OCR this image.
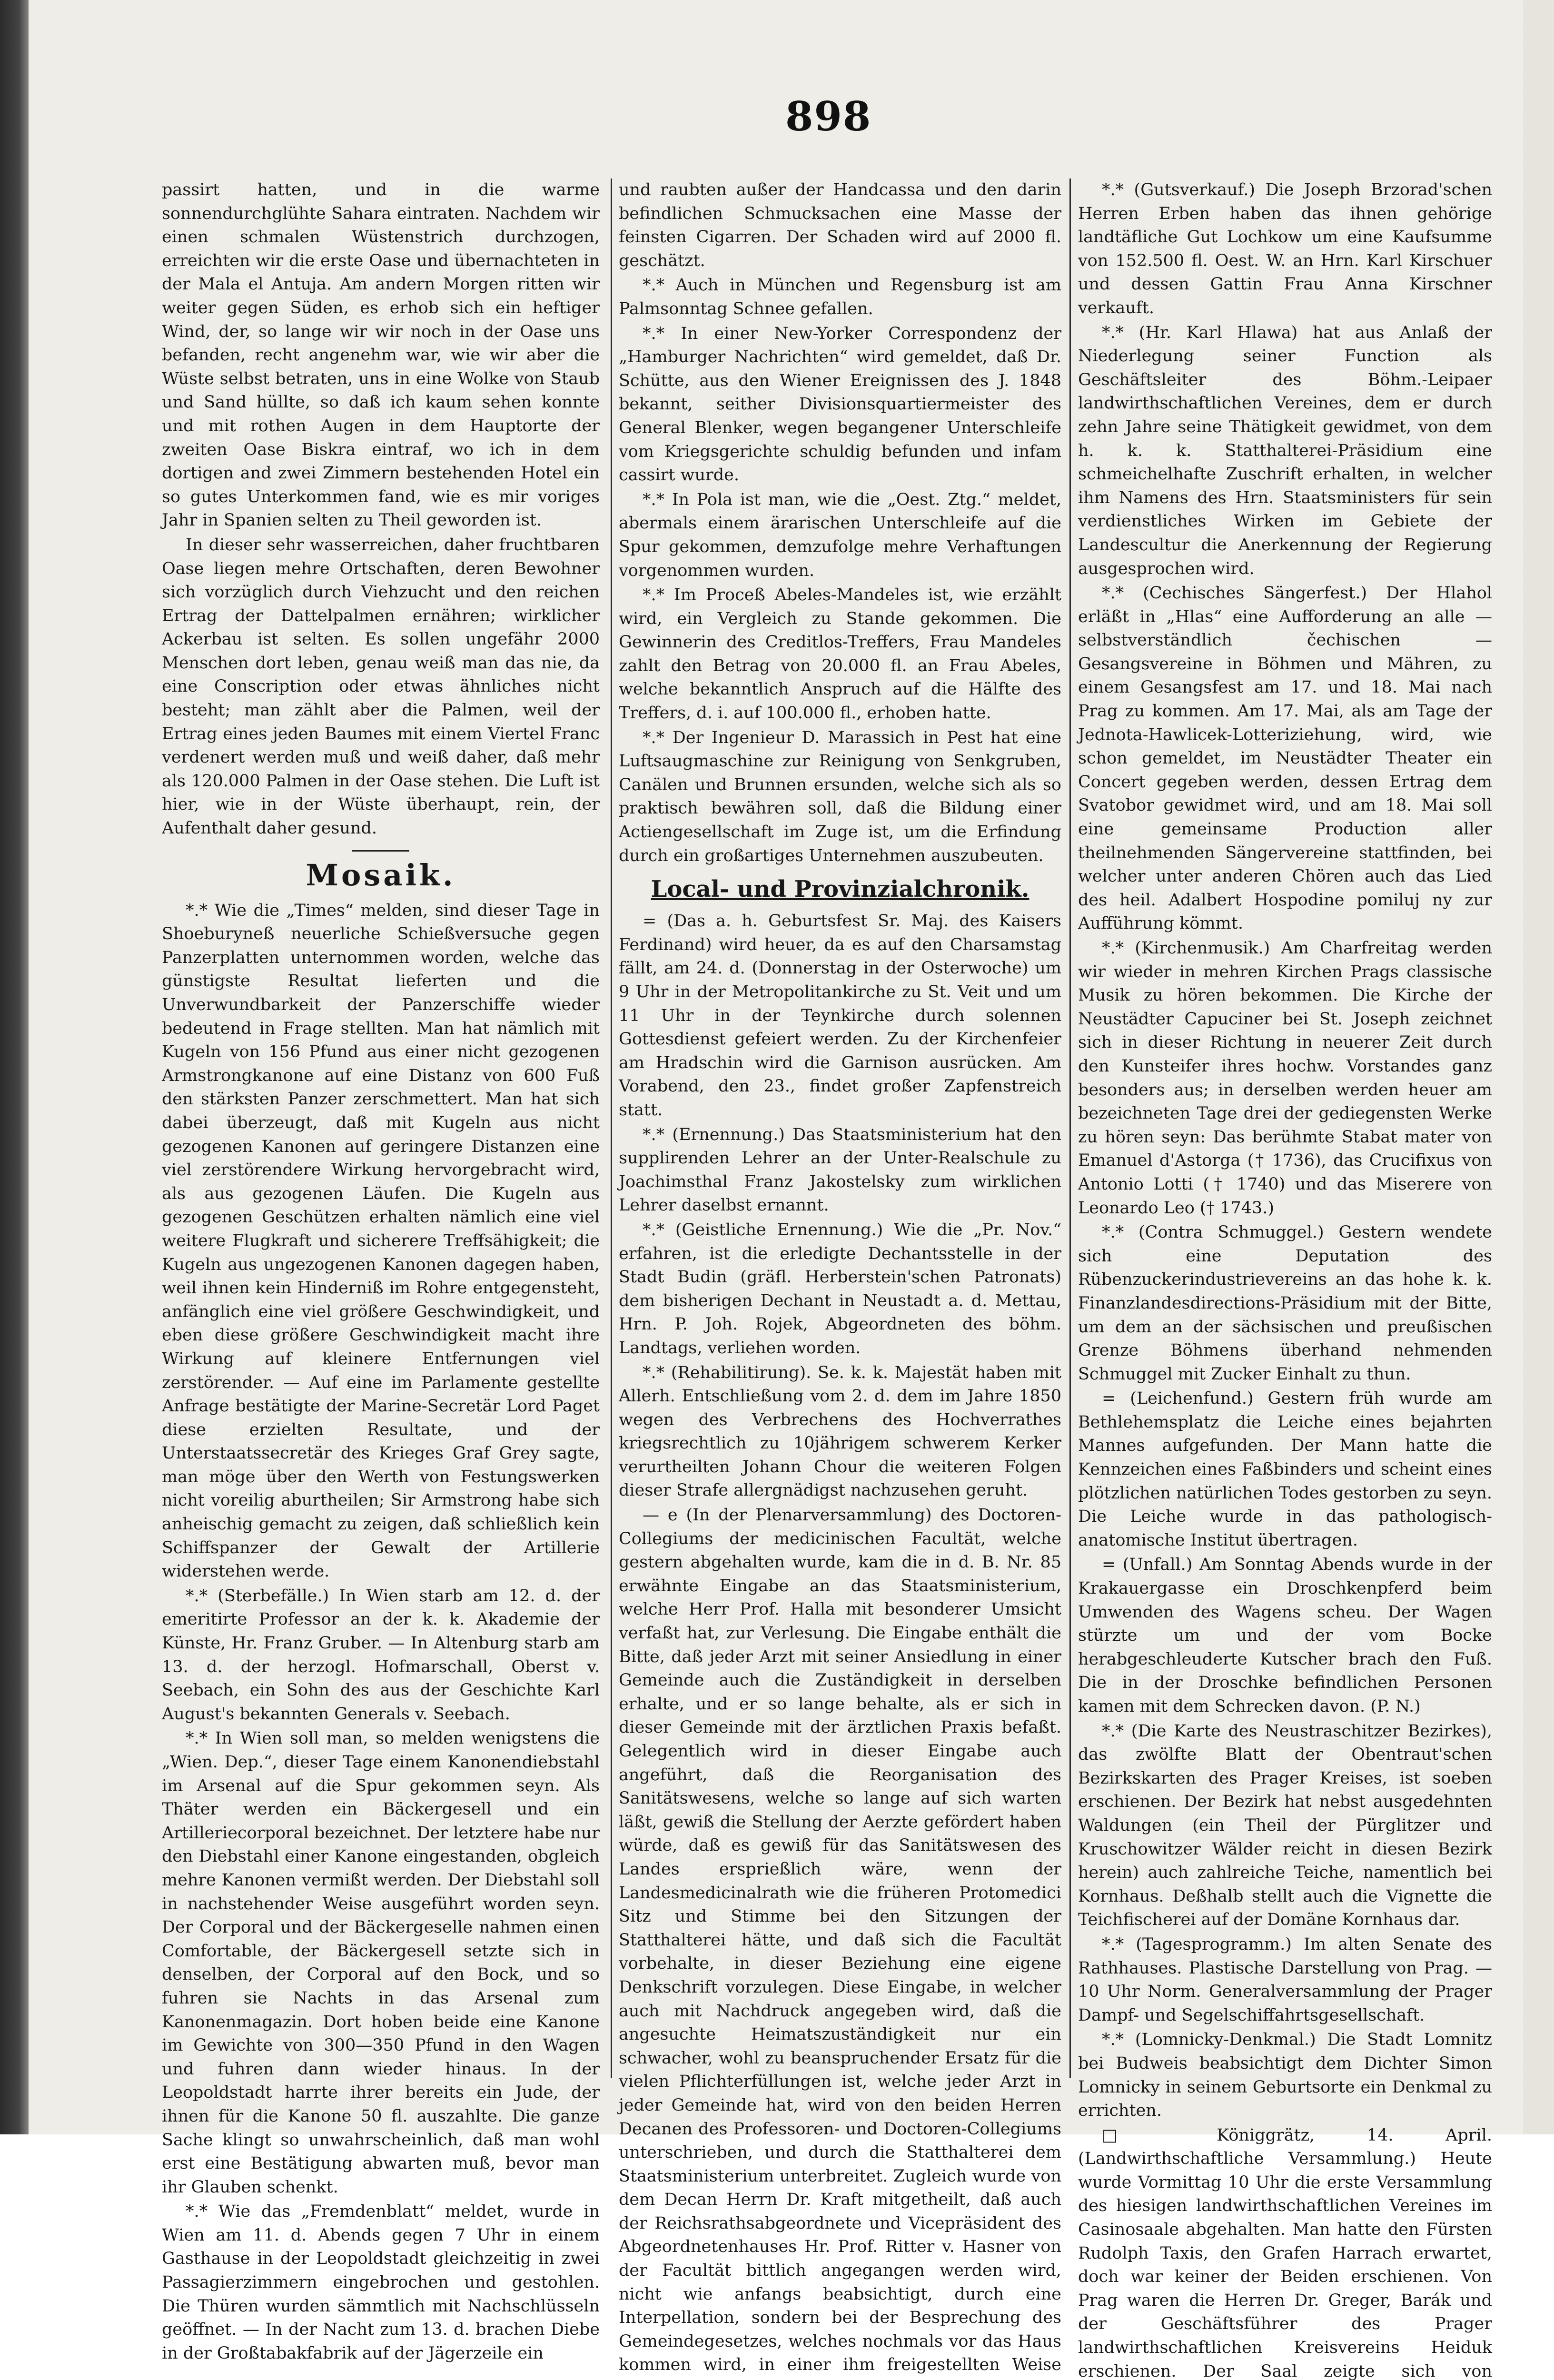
898

passirt hatten, und in die warme sonnendurchglühte Sahara eintraten. Nachdem wir einen schmalen Wüstenstrich durchzogen, erreichten wir die erste Oase und übernachteten in der Mala el Antuja. Am andern Morgen ritten wir weiter gegen Süden, es erhob sich ein heftiger Wind, der, so lange wir wir noch in der Oase uns befanden, recht angenehm war, wie wir aber die Wüste selbst betraten, uns in eine Wolke von Staub und Sand hüllte, so daß ich kaum sehen konnte und mit rothen Augen in dem Hauptorte der zweiten Oase Biskra eintraf, wo ich in dem dortigen and zwei Zimmern bestehenden Hotel ein so gutes Unterkommen fand, wie es mir voriges Jahr in Spanien selten zu Theil geworden ist.

In dieser sehr wasserreichen, daher fruchtbaren Oase liegen mehre Ortschaften, deren Bewohner sich vorzüglich durch Viehzucht und den reichen Ertrag der Dattelpalmen ernähren; wirklicher Ackerbau ist selten. Es sollen ungefähr 2000 Menschen dort leben, genau weiß man das nie, da eine Conscription oder etwas ähnliches nicht besteht; man zählt aber die Palmen, weil der Ertrag eines jeden Baumes mit einem Viertel Franc verdenert werden muß und weiß daher, daß mehr als 120.000 Palmen in der Oase stehen. Die Luft ist hier, wie in der Wüste überhaupt, rein, der Aufenthalt daher gesund.

Mosaik.

*.* Wie die „Times“ melden, sind dieser Tage in Shoeburyneß neuerliche Schießversuche gegen Panzerplatten unternommen worden, welche das günstigste Resultat lieferten und die Unverwundbarkeit der Panzerschiffe wieder bedeutend in Frage stellten. Man hat nämlich mit Kugeln von 156 Pfund aus einer nicht gezogenen Armstrongkanone auf eine Distanz von 600 Fuß den stärksten Panzer zerschmettert. Man hat sich dabei überzeugt, daß mit Kugeln aus nicht gezogenen Kanonen auf geringere Distanzen eine viel zerstörendere Wirkung hervorgebracht wird, als aus gezogenen Läufen. Die Kugeln aus gezogenen Geschützen erhalten nämlich eine viel weitere Flugkraft und sicherere Treffsähigkeit; die Kugeln aus ungezogenen Kanonen dagegen haben, weil ihnen kein Hinderniß im Rohre entgegensteht, anfänglich eine viel größere Geschwindigkeit, und eben diese größere Geschwindigkeit macht ihre Wirkung auf kleinere Entfernungen viel zerstörender. — Auf eine im Parlamente gestellte Anfrage bestätigte der Marine-Secretär Lord Paget diese erzielten Resultate, und der Unterstaatssecretär des Krieges Graf Grey sagte, man möge über den Werth von Festungswerken nicht voreilig aburtheilen; Sir Armstrong habe sich anheischig gemacht zu zeigen, daß schließlich kein Schiffspanzer der Gewalt der Artillerie widerstehen werde.

*.* (Sterbefälle.) In Wien starb am 12. d. der emeritirte Professor an der k. k. Akademie der Künste, Hr. Franz Gruber. — In Altenburg starb am 13. d. der herzogl. Hofmarschall, Oberst v. Seebach, ein Sohn des aus der Geschichte Karl August's bekannten Generals v. Seebach.

*.* In Wien soll man, so melden wenigstens die „Wien. Dep.“, dieser Tage einem Kanonendiebstahl im Arsenal auf die Spur gekommen seyn. Als Thäter werden ein Bäckergesell und ein Artilleriecorporal bezeichnet. Der letztere habe nur den Diebstahl einer Kanone eingestanden, obgleich mehre Kanonen vermißt werden. Der Diebstahl soll in nachstehender Weise ausgeführt worden seyn. Der Corporal und der Bäckergeselle nahmen einen Comfortable, der Bäckergesell setzte sich in denselben, der Corporal auf den Bock, und so fuhren sie Nachts in das Arsenal zum Kanonenmagazin. Dort hoben beide eine Kanone im Gewichte von 300—350 Pfund in den Wagen und fuhren dann wieder hinaus. In der Leopoldstadt harrte ihrer bereits ein Jude, der ihnen für die Kanone 50 fl. auszahlte. Die ganze Sache klingt so unwahrscheinlich, daß man wohl erst eine Bestätigung abwarten muß, bevor man ihr Glauben schenkt.

*.* Wie das „Fremdenblatt“ meldet, wurde in Wien am 11. d. Abends gegen 7 Uhr in einem Gasthause in der Leopoldstadt gleichzeitig in zwei Passagierzimmern eingebrochen und gestohlen. Die Thüren wurden sämmtlich mit Nachschlüsseln geöffnet. — In der Nacht zum 13. d. brachen Diebe in der Großtabakfabrik auf der Jägerzeile ein

und raubten außer der Handcassa und den darin befindlichen Schmucksachen eine Masse der feinsten Cigarren. Der Schaden wird auf 2000 fl. geschätzt.

*.* Auch in München und Regensburg ist am Palmsonntag Schnee gefallen.

*.* In einer New-Yorker Correspondenz der „Hamburger Nachrichten“ wird gemeldet, daß Dr. Schütte, aus den Wiener Ereignissen des J. 1848 bekannt, seither Divisionsquartiermeister des General Blenker, wegen begangener Unterschleife vom Kriegsgerichte schuldig befunden und infam cassirt wurde.

*.* In Pola ist man, wie die „Oest. Ztg.“ meldet, abermals einem ärarischen Unterschleife auf die Spur gekommen, demzufolge mehre Verhaftungen vorgenommen wurden.

*.* Im Proceß Abeles-Mandeles ist, wie erzählt wird, ein Vergleich zu Stande gekommen. Die Gewinnerin des Creditlos-Treffers, Frau Mandeles zahlt den Betrag von 20.000 fl. an Frau Abeles, welche bekanntlich Anspruch auf die Hälfte des Treffers, d. i. auf 100.000 fl., erhoben hatte.

*.* Der Ingenieur D. Marassich in Pest hat eine Luftsaugmaschine zur Reinigung von Senkgruben, Canälen und Brunnen ersunden, welche sich als so praktisch bewähren soll, daß die Bildung einer Actiengesellschaft im Zuge ist, um die Erfindung durch ein großartiges Unternehmen auszubeuten.

Local- und Provinzialchronik.

= (Das a. h. Geburtsfest Sr. Maj. des Kaisers Ferdinand) wird heuer, da es auf den Charsamstag fällt, am 24. d. (Donnerstag in der Osterwoche) um 9 Uhr in der Metropolitankirche zu St. Veit und um 11 Uhr in der Teynkirche durch solennen Gottesdienst gefeiert werden. Zu der Kirchenfeier am Hradschin wird die Garnison ausrücken. Am Vorabend, den 23., findet großer Zapfenstreich statt.

*.* (Ernennung.) Das Staatsministerium hat den supplirenden Lehrer an der Unter-Realschule zu Joachimsthal Franz Jakostelsky zum wirklichen Lehrer daselbst ernannt.

*.* (Geistliche Ernennung.) Wie die „Pr. Nov.“ erfahren, ist die erledigte Dechantsstelle in der Stadt Budin (gräfl. Herberstein'schen Patronats) dem bisherigen Dechant in Neustadt a. d. Mettau, Hrn. P. Joh. Rojek, Abgeordneten des böhm. Landtags, verliehen worden.

*.* (Rehabilitirung). Se. k. k. Majestät haben mit Allerh. Entschließung vom 2. d. dem im Jahre 1850 wegen des Verbrechens des Hochverrathes kriegsrechtlich zu 10jährigem schwerem Kerker verurtheilten Johann Chour die weiteren Folgen dieser Strafe allergnädigst nachzusehen geruht.

— e (In der Plenarversammlung) des Doctoren-Collegiums der medicinischen Facultät, welche gestern abgehalten wurde, kam die in d. B. Nr. 85 erwähnte Eingabe an das Staatsministerium, welche Herr Prof. Halla mit besonderer Umsicht verfaßt hat, zur Verlesung. Die Eingabe enthält die Bitte, daß jeder Arzt mit seiner Ansiedlung in einer Gemeinde auch die Zuständigkeit in derselben erhalte, und er so lange behalte, als er sich in dieser Gemeinde mit der ärztlichen Praxis befaßt. Gelegentlich wird in dieser Eingabe auch angeführt, daß die Reorganisation des Sanitätswesens, welche so lange auf sich warten läßt, gewiß die Stellung der Aerzte gefördert haben würde, daß es gewiß für das Sanitätswesen des Landes ersprießlich wäre, wenn der Landesmedicinalrath wie die früheren Protomedici Sitz und Stimme bei den Sitzungen der Statthalterei hätte, und daß sich die Facultät vorbehalte, in dieser Beziehung eine eigene Denkschrift vorzulegen. Diese Eingabe, in welcher auch mit Nachdruck angegeben wird, daß die angesuchte Heimatszuständigkeit nur ein schwacher, wohl zu beanspruchender Ersatz für die vielen Pflichterfüllungen ist, welche jeder Arzt in jeder Gemeinde hat, wird von den beiden Herren Decanen des Professoren- und Doctoren-Collegiums unterschrieben, und durch die Statthalterei dem Staatsministerium unterbreitet. Zugleich wurde von dem Decan Herrn Dr. Kraft mitgetheilt, daß auch der Reichsrathsabgeordnete und Vicepräsident des Abgeordnetenhauses Hr. Prof. Ritter v. Hasner von der Facultät bittlich angegangen werden wird, nicht wie anfangs beabsichtigt, durch eine Interpellation, sondern bei der Besprechung des Gemeindegesetzes, welches nochmals vor das Haus kommen wird, in einer ihm freigestellten Weise

*.* (Gutsverkauf.) Die Joseph Brzorad'schen Herren Erben haben das ihnen gehörige landtäfliche Gut Lochkow um eine Kaufsumme von 152.500 fl. Oest. W. an Hrn. Karl Kirschuer und dessen Gattin Frau Anna Kirschner verkauft.

*.* (Hr. Karl Hlawa) hat aus Anlaß der Niederlegung seiner Function als Geschäftsleiter des Böhm.-Leipaer landwirthschaftlichen Vereines, dem er durch zehn Jahre seine Thätigkeit gewidmet, von dem h. k. k. Statthalterei-Präsidium eine schmeichelhafte Zuschrift erhalten, in welcher ihm Namens des Hrn. Staatsministers für sein verdienstliches Wirken im Gebiete der Landescultur die Anerkennung der Regierung ausgesprochen wird.

*.* (Cechisches Sängerfest.) Der Hlahol erläßt in „Hlas“ eine Aufforderung an alle — selbstverständlich čechischen — Gesangsvereine in Böhmen und Mähren, zu einem Gesangsfest am 17. und 18. Mai nach Prag zu kommen. Am 17. Mai, als am Tage der Jednota-Hawlicek-Lotteriziehung, wird, wie schon gemeldet, im Neustädter Theater ein Concert gegeben werden, dessen Ertrag dem Svatobor gewidmet wird, und am 18. Mai soll eine gemeinsame Production aller theilnehmenden Sängervereine stattfinden, bei welcher unter anderen Chören auch das Lied des heil. Adalbert Hospodine pomiluj ny zur Aufführung kömmt.

*.* (Kirchenmusik.) Am Charfreitag werden wir wieder in mehren Kirchen Prags classische Musik zu hören bekommen. Die Kirche der Neustädter Capuciner bei St. Joseph zeichnet sich in dieser Richtung in neuerer Zeit durch den Kunsteifer ihres hochw. Vorstandes ganz besonders aus; in derselben werden heuer am bezeichneten Tage drei der gediegensten Werke zu hören seyn: Das berühmte Stabat mater von Emanuel d'Astorga († 1736), das Crucifixus von Antonio Lotti († 1740) und das Miserere von Leonardo Leo († 1743.)

*.* (Contra Schmuggel.) Gestern wendete sich eine Deputation des Rübenzuckerindustrievereins an das hohe k. k. Finanzlandesdirections-Präsidium mit der Bitte, um dem an der sächsischen und preußischen Grenze Böhmens überhand nehmenden Schmuggel mit Zucker Einhalt zu thun.

= (Leichenfund.) Gestern früh wurde am Bethlehemsplatz die Leiche eines bejahrten Mannes aufgefunden. Der Mann hatte die Kennzeichen eines Faßbinders und scheint eines plötzlichen natürlichen Todes gestorben zu seyn. Die Leiche wurde in das pathologisch-anatomische Institut übertragen.

= (Unfall.) Am Sonntag Abends wurde in der Krakauergasse ein Droschkenpferd beim Umwenden des Wagens scheu. Der Wagen stürzte um und der vom Bocke herabgeschleuderte Kutscher brach den Fuß. Die in der Droschke befindlichen Personen kamen mit dem Schrecken davon. (P. N.)

*.* (Die Karte des Neustraschitzer Bezirkes), das zwölfte Blatt der Obentraut'schen Bezirkskarten des Prager Kreises, ist soeben erschienen. Der Bezirk hat nebst ausgedehnten Waldungen (ein Theil der Pürglitzer und Kruschowitzer Wälder reicht in diesen Bezirk herein) auch zahlreiche Teiche, namentlich bei Kornhaus. Deßhalb stellt auch die Vignette die Teichfischerei auf der Domäne Kornhaus dar.

*.* (Tagesprogramm.) Im alten Senate des Rathhauses. Plastische Darstellung von Prag. — 10 Uhr Norm. Generalversammlung der Prager Dampf- und Segelschiffahrtsgesellschaft.

*.* (Lomnicky-Denkmal.) Die Stadt Lomnitz bei Budweis beabsichtigt dem Dichter Simon Lomnicky in seinem Geburtsorte ein Denkmal zu errichten.

□ Königgrätz, 14. April. (Landwirthschaftliche Versammlung.) Heute wurde Vormittag 10 Uhr die erste Versammlung des hiesigen landwirthschaftlichen Vereines im Casinosaale abgehalten. Man hatte den Fürsten Rudolph Taxis, den Grafen Harrach erwartet, doch war keiner der Beiden erschienen. Von Prag waren die Herren Dr. Greger, Barák und der Geschäftsführer des Prager landwirthschaftlichen Kreisvereins Heiduk erschienen. Der Saal zeigte sich von
